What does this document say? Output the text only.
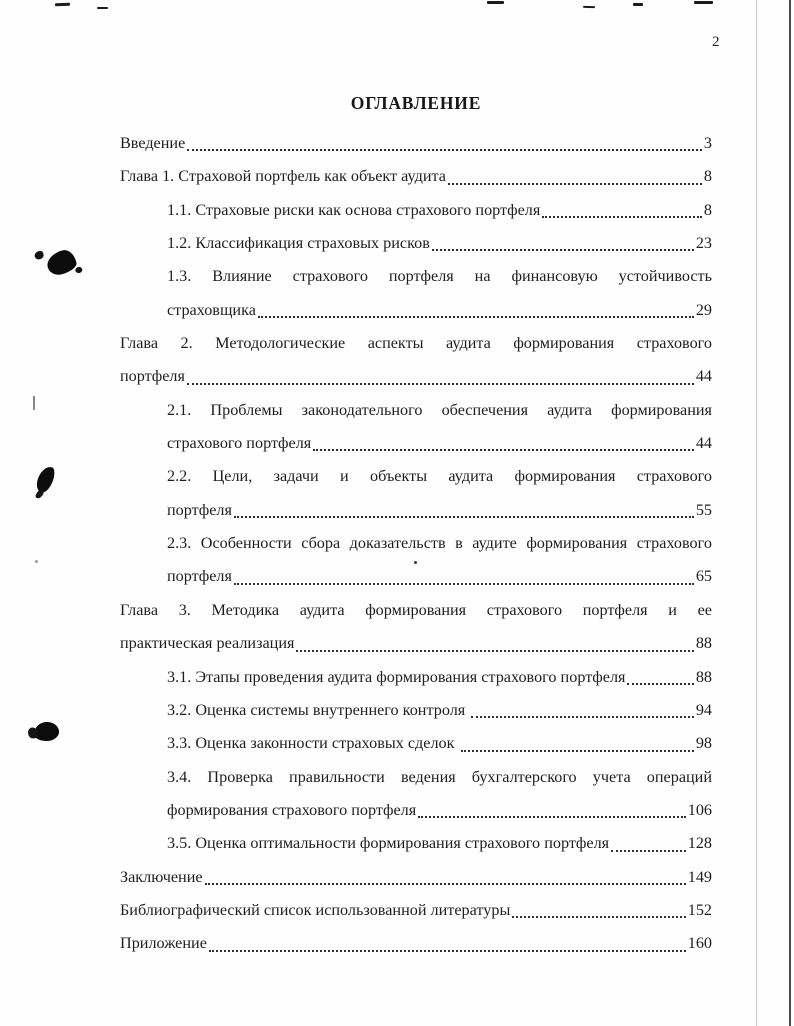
2
ОГЛАВЛЕНИЕ
Введение	3
Глава 1. Страховой портфель как объект аудита	8
1.1. Страховые риски как основа страхового портфеля	8
1.2. Классификация страховых рисков	23
1.3. Влияние страхового портфеля на финансовую устойчивость
страховщика	29
Глава 2. Методологические аспекты аудита формирования страхового
портфеля	44
2.1. Проблемы законодательного обеспечения аудита формирования
страхового портфеля	44
2.2. Цели, задачи и объекты аудита формирования страхового
портфеля	55
2.3. Особенности сбора доказательств в аудите формирования страхового
портфеля	65
Глава 3. Методика аудита формирования страхового портфеля и ее
практическая реализация	88
3.1. Этапы проведения аудита формирования страхового портфеля	88
3.2. Оценка системы внутреннего контроля	94
3.3. Оценка законности страховых сделок	98
3.4. Проверка правильности ведения бухгалтерского учета операций
формирования страхового портфеля	106
3.5. Оценка оптимальности формирования страхового портфеля	128
Заключение	149
Библиографический список использованной литературы	152
Приложение	160
